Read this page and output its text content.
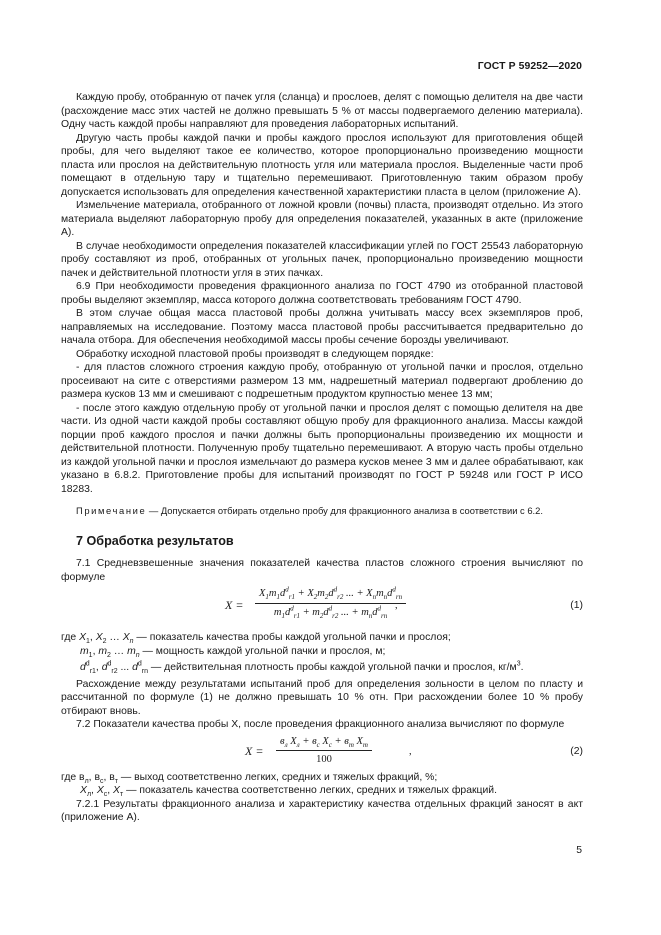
ГОСТ Р 59252—2020

Каждую пробу, отобранную от пачек угля (сланца) и прослоев, делят с помощью делителя на две части (расхождение масс этих частей не должно превышать 5 % от массы подвергаемого делению материала). Одну часть каждой пробы направляют для проведения лабораторных испытаний.

Другую часть пробы каждой пачки и пробы каждого прослоя используют для приготовления общей пробы, для чего выделяют такое ее количество, которое пропорционально произведению мощности пласта или прослоя на действительную плотность угля или материала прослоя. Выделенные части проб помещают в отдельную тару и тщательно перемешивают. Приготовленную таким образом пробу допускается использовать для определения качественной характеристики пласта в целом (приложение А).

Измельчение материала, отобранного от ложной кровли (почвы) пласта, производят отдельно. Из этого материала выделяют лабораторную пробу для определения показателей, указанных в акте (приложение А).

В случае необходимости определения показателей классификации углей по ГОСТ 25543 лабораторную пробу составляют из проб, отобранных от угольных пачек, пропорционально произведению мощности пачек и действительной плотности угля в этих пачках.

6.9 При необходимости проведения фракционного анализа по ГОСТ 4790 из отобранной пластовой пробы выделяют экземпляр, масса которого должна соответствовать требованиям ГОСТ 4790.

В этом случае общая масса пластовой пробы должна учитывать массу всех экземпляров проб, направляемых на исследование. Поэтому масса пластовой пробы рассчитывается предварительно до начала отбора. Для обеспечения необходимой массы пробы сечение борозды увеличивают.

Обработку исходной пластовой пробы производят в следующем порядке:

- для пластов сложного строения каждую пробу, отобранную от угольной пачки и прослоя, отдельно просеивают на сите с отверстиями размером 13 мм, надрешетный материал подвергают дроблению до размера кусков 13 мм и смешивают с подрешетным продуктом крупностью менее 13 мм;

- после этого каждую отдельную пробу от угольной пачки и прослоя делят с помощью делителя на две части. Из одной части каждой пробы составляют общую пробу для фракционного анализа. Массы каждой порции проб каждого прослоя и пачки должны быть пропорциональны произведению их мощности и действительной плотности. Полученную пробу тщательно перемешивают. А вторую часть пробы отдельно из каждой угольной пачки и прослоя измельчают до размера кусков менее 3 мм и далее обрабатывают, как указано в 6.8.2. Приготовление пробы для испытаний производят по ГОСТ Р 59248 или ГОСТ Р ИСО 18283.

Примечание — Допускается отбирать отдельно пробу для фракционного анализа в соответствии с 6.2.

7 Обработка результатов

7.1 Средневзвешенные значения показателей качества пластов сложного строения вычисляют по формуле

X =
$X_1m_1d^d_{r1} + X_2m_2d^d_{r2}$ ... + $X_nm_nd^d_{rn}$
$m_1d^d_{r1} + m_2d^d_{r2}$ ... + $m_nd^d_{rn}$
,	(1)

где $X_1$, $X_2$ … $X_n$ — показатель качества пробы каждой угольной пачки и прослоя;

$m_1$, $m_2$ … $m_n$ — мощность каждой угольной пачки и прослоя, м;

$d^d_{r1}$, $d^d_{r2}$ ... $d^d_{rn}$ — действительная плотность пробы каждой угольной пачки и прослоя, $кг/м^3$.

Расхождение между результатами испытаний проб для определения зольности в целом по пласту и рассчитанной по формуле (1) не должно превышать 10 % отн. При расхождении более 10 % пробу отбирают вновь.

7.2 Показатели качества пробы X, после проведения фракционного анализа вычисляют по формуле

X =
$в_л$ $X_л + в_с$ $X_с + в_т$ $X_т$
100
,	(2)

где $в_л$, $в_с$, $в_т$ — выход соответственно легких, средних и тяжелых фракций, %;

$X_л$, $X_с$, $X_т$ — показатель качества соответственно легких, средних и тяжелых фракций.

7.2.1 Результаты фракционного анализа и характеристику качества отдельных фракций заносят в акт (приложение А).

5
